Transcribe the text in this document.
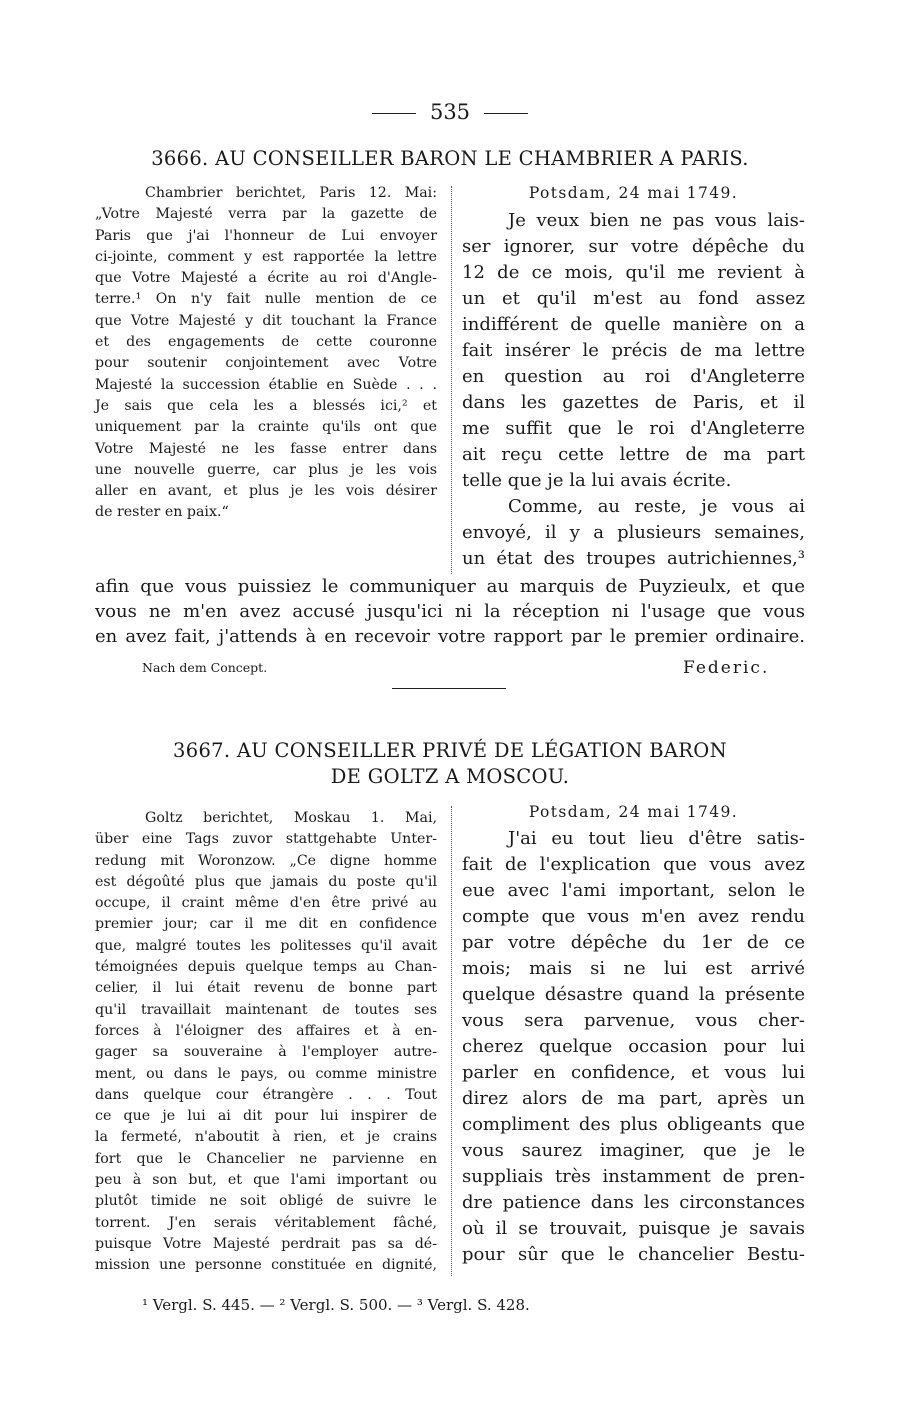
535
3666. AU CONSEILLER BARON LE CHAMBRIER A PARIS.
Chambrier berichtet, Paris 12. Mai:
„Votre Majesté verra par la gazette de
Paris que j'ai l'honneur de Lui envoyer
ci-jointe, comment y est rapportée la lettre
que Votre Majesté a écrite au roi d'Angle-
terre.¹ On n'y fait nulle mention de ce
que Votre Majesté y dit touchant la France
et des engagements de cette couronne
pour soutenir conjointement avec Votre
Majesté la succession établie en Suède . . .
Je sais que cela les a blessés ici,² et
uniquement par la crainte qu'ils ont que
Votre Majesté ne les fasse entrer dans
une nouvelle guerre, car plus je les vois
aller en avant, et plus je les vois désirer
de rester en paix.“
Potsdam, 24 mai 1749.
Je veux bien ne pas vous lais-
ser ignorer, sur votre dépêche du
12 de ce mois, qu'il me revient à
un et qu'il m'est au fond assez
indifférent de quelle manière on a
fait insérer le précis de ma lettre
en question au roi d'Angleterre
dans les gazettes de Paris, et il
me suffit que le roi d'Angleterre
ait reçu cette lettre de ma part
telle que je la lui avais écrite.
Comme, au reste, je vous ai
envoyé, il y a plusieurs semaines,
un état des troupes autrichiennes,³
afin que vous puissiez le communiquer au marquis de Puyzieulx, et que
vous ne m'en avez accusé jusqu'ici ni la réception ni l'usage que vous
en avez fait, j'attends à en recevoir votre rapport par le premier ordinaire.
Nach dem Concept.	Federic.
3667. AU CONSEILLER PRIVÉ DE LÉGATION BARON
DE GOLTZ A MOSCOU.
Goltz berichtet, Moskau 1. Mai,
über eine Tags zuvor stattgehabte Unter-
redung mit Woronzow. „Ce digne homme
est dégoûté plus que jamais du poste qu'il
occupe, il craint même d'en être privé au
premier jour; car il me dit en confidence
que, malgré toutes les politesses qu'il avait
témoignées depuis quelque temps au Chan-
celier, il lui était revenu de bonne part
qu'il travaillait maintenant de toutes ses
forces à l'éloigner des affaires et à en-
gager sa souveraine à l'employer autre-
ment, ou dans le pays, ou comme ministre
dans quelque cour étrangère . . . Tout
ce que je lui ai dit pour lui inspirer de
la fermeté, n'aboutit à rien, et je crains
fort que le Chancelier ne parvienne en
peu à son but, et que l'ami important ou
plutôt timide ne soit obligé de suivre le
torrent. J'en serais véritablement fâché,
puisque Votre Majesté perdrait pas sa dé-
mission une personne constituée en dignité,
Potsdam, 24 mai 1749.
J'ai eu tout lieu d'être satis-
fait de l'explication que vous avez
eue avec l'ami important, selon le
compte que vous m'en avez rendu
par votre dépêche du 1er de ce
mois; mais si ne lui est arrivé
quelque désastre quand la présente
vous sera parvenue, vous cher-
cherez quelque occasion pour lui
parler en confidence, et vous lui
direz alors de ma part, après un
compliment des plus obligeants que
vous saurez imaginer, que je le
suppliais très instamment de pren-
dre patience dans les circonstances
où il se trouvait, puisque je savais
pour sûr que le chancelier Bestu-
¹ Vergl. S. 445. — ² Vergl. S. 500. — ³ Vergl. S. 428.
